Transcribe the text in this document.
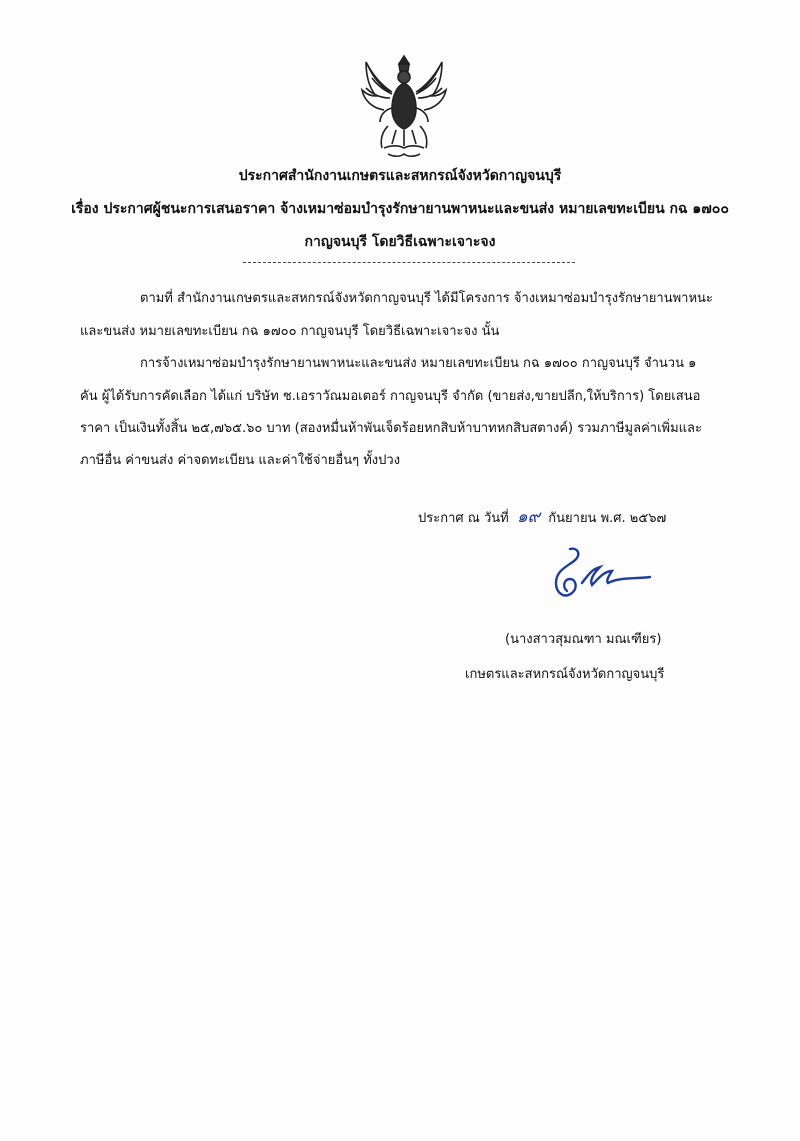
ประกาศสำนักงานเกษตรและสหกรณ์จังหวัดกาญจนบุรี
เรื่อง ประกาศผู้ชนะการเสนอราคา จ้างเหมาซ่อมบำรุงรักษายานพาหนะและขนส่ง หมายเลขทะเบียน กฉ ๑๗๐๐
กาญจนบุรี โดยวิธีเฉพาะเจาะจง
ตามที่ สำนักงานเกษตรและสหกรณ์จังหวัดกาญจนบุรี ได้มีโครงการ จ้างเหมาซ่อมบำรุงรักษายานพาหนะ
และขนส่ง หมายเลขทะเบียน กฉ ๑๗๐๐ กาญจนบุรี โดยวิธีเฉพาะเจาะจง นั้น
การจ้างเหมาซ่อมบำรุงรักษายานพาหนะและขนส่ง หมายเลขทะเบียน กฉ ๑๗๐๐ กาญจนบุรี จำนวน ๑
คัน ผู้ได้รับการคัดเลือก ได้แก่ บริษัท ช.เอราวัณมอเตอร์ กาญจนบุรี จำกัด (ขายส่ง,ขายปลีก,ให้บริการ) โดยเสนอ
ราคา เป็นเงินทั้งสิ้น ๒๕,๗๖๕.๖๐ บาท (สองหมื่นห้าพันเจ็ดร้อยหกสิบห้าบาทหกสิบสตางค์) รวมภาษีมูลค่าเพิ่มและ
ภาษีอื่น ค่าขนส่ง ค่าจดทะเบียน และค่าใช้จ่ายอื่นๆ ทั้งปวง
ประกาศ ณ วันที่ ๑๙ กันยายน พ.ศ. ๒๕๖๗
(นางสาวสุมณฑา มณเฑียร)
เกษตรและสหกรณ์จังหวัดกาญจนบุรี
